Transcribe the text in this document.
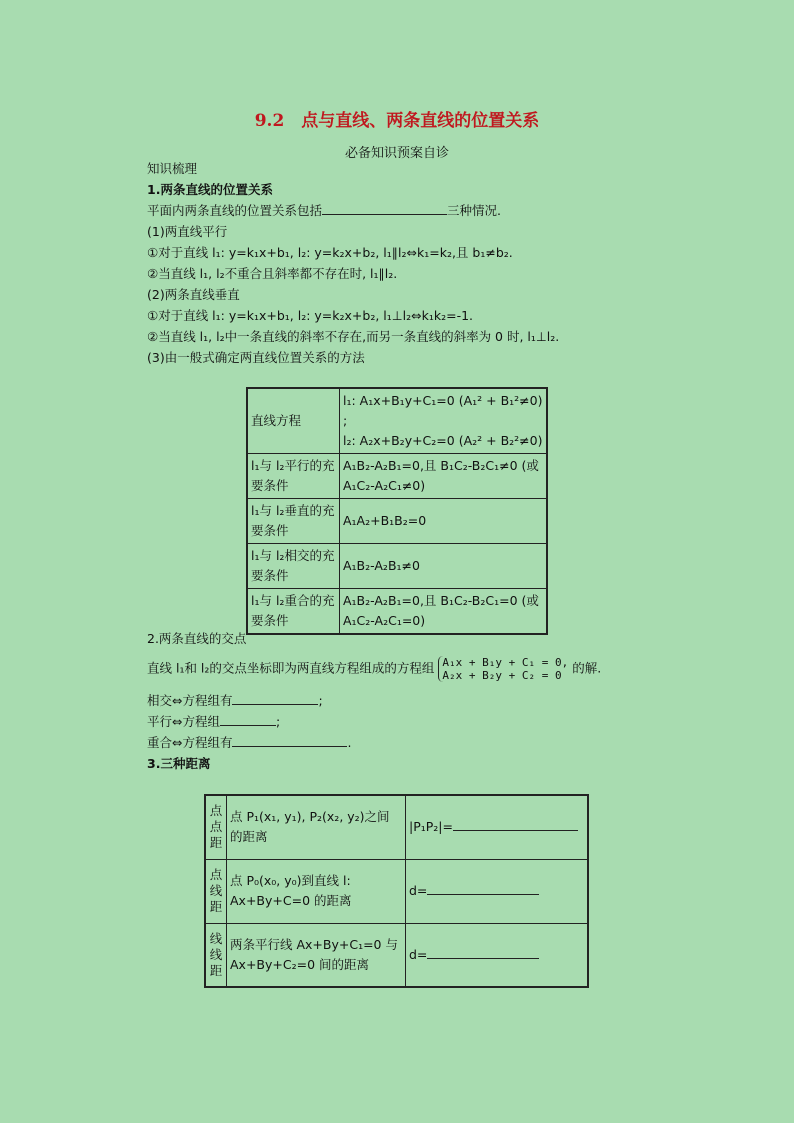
9.2　点与直线、两条直线的位置关系
必备知识预案自诊
知识梳理
1.两条直线的位置关系
平面内两条直线的位置关系包括	三种情况.
(1)两直线平行
①对于直线 l₁: y=k₁x+b₁, l₂: y=k₂x+b₂, l₁∥l₂⇔k₁=k₂,且 b₁≠b₂.
②当直线 l₁, l₂不重合且斜率都不存在时, l₁∥l₂.
(2)两条直线垂直
①对于直线 l₁: y=k₁x+b₁, l₂: y=k₂x+b₂, l₁⊥l₂⇔k₁k₂=-1.
②当直线 l₁, l₂中一条直线的斜率不存在,而另一条直线的斜率为 0 时, l₁⊥l₂.
(3)由一般式确定两直线位置关系的方法
直线方程	l₁: A₁x+B₁y+C₁=0 (A₁² + B₁²≠0) ;
l₂: A₂x+B₂y+C₂=0 (A₂² + B₂²≠0)

l₁与 l₂平行的充要条件	A₁B₂-A₂B₁=0,且 B₁C₂-B₂C₁≠0 (或
A₁C₂-A₂C₁≠0)

l₁与 l₂垂直的充要条件	A₁A₂+B₁B₂=0
l₁与 l₂相交的充要条件	A₁B₂-A₂B₁≠0
l₁与 l₂重合的充要条件	A₁B₂-A₂B₁=0,且 B₁C₂-B₂C₁=0 (或
A₁C₂-A₂C₁=0)
2.两条直线的交点
直线 l₁和 l₂的交点坐标即为两直线方程组成的方程组 A₁x + B₁y + C₁ = 0,
A₂x + B₂y + C₂ = 0 的解.
相交⇔方程组有	;
平行⇔方程组	;
重合⇔方程组有	.
3.三种距离
点点距	点 P₁(x₁, y₁), P₂(x₂, y₂)之间的距离	|P₁P₂|=
点线距	点 P₀(x₀, y₀)到直线 l: Ax+By+C=0 的距离	d=
线线距	两条平行线 Ax+By+C₁=0 与 Ax+By+C₂=0 间的距离	d=
